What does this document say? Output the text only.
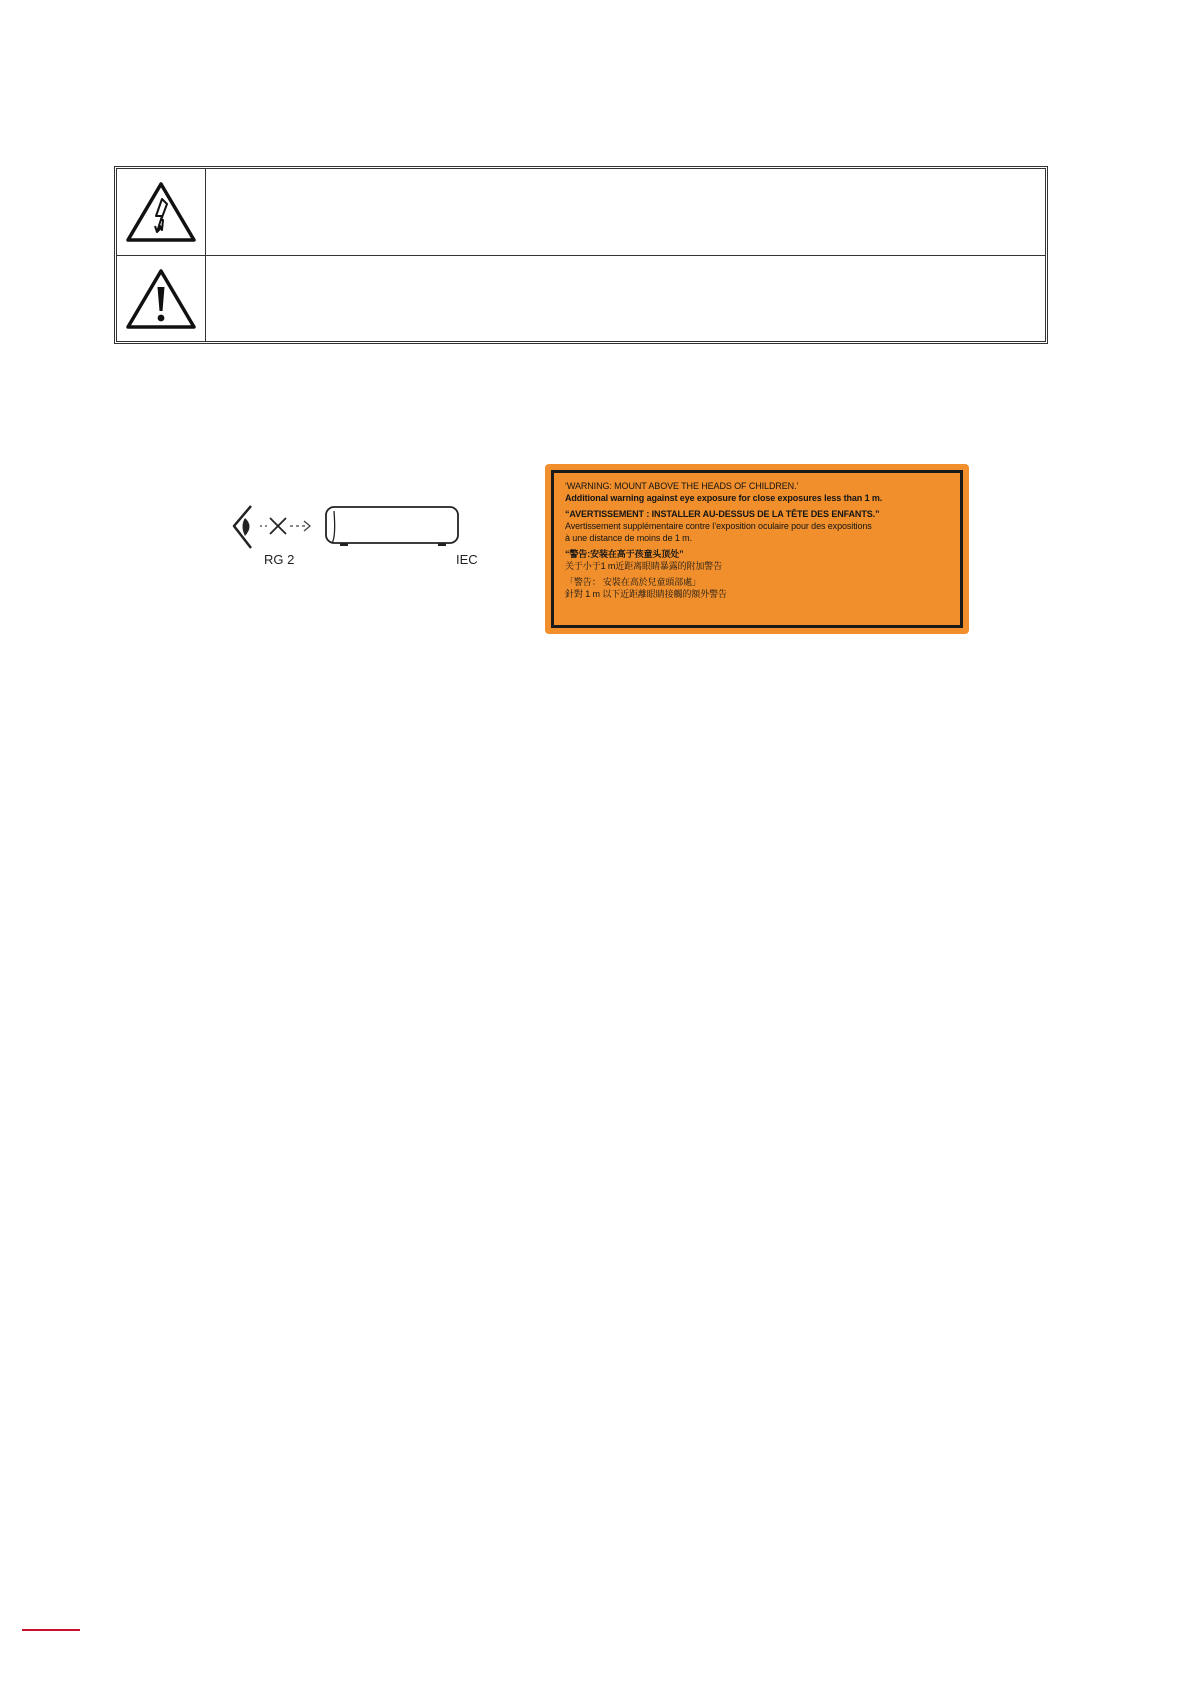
RG 2	IEC
‘WARNING: MOUNT ABOVE THE HEADS OF CHILDREN.’
Additional warning against eye exposure for close exposures less than 1 m.
“AVERTISSEMENT : INSTALLER AU-DESSUS DE LA TÊTE DES ENFANTS.”
Avertissement supplémentaire contre l’exposition oculaire pour des expositions
à une distance de moins de 1 m.
“警告:安装在高于孩童头顶处”
关于小于1 m近距离眼睛暴露的附加警告
「警告： 安裝在高於兒童頭部處」
針對 1 m 以下近距離眼睛接觸的額外警告
